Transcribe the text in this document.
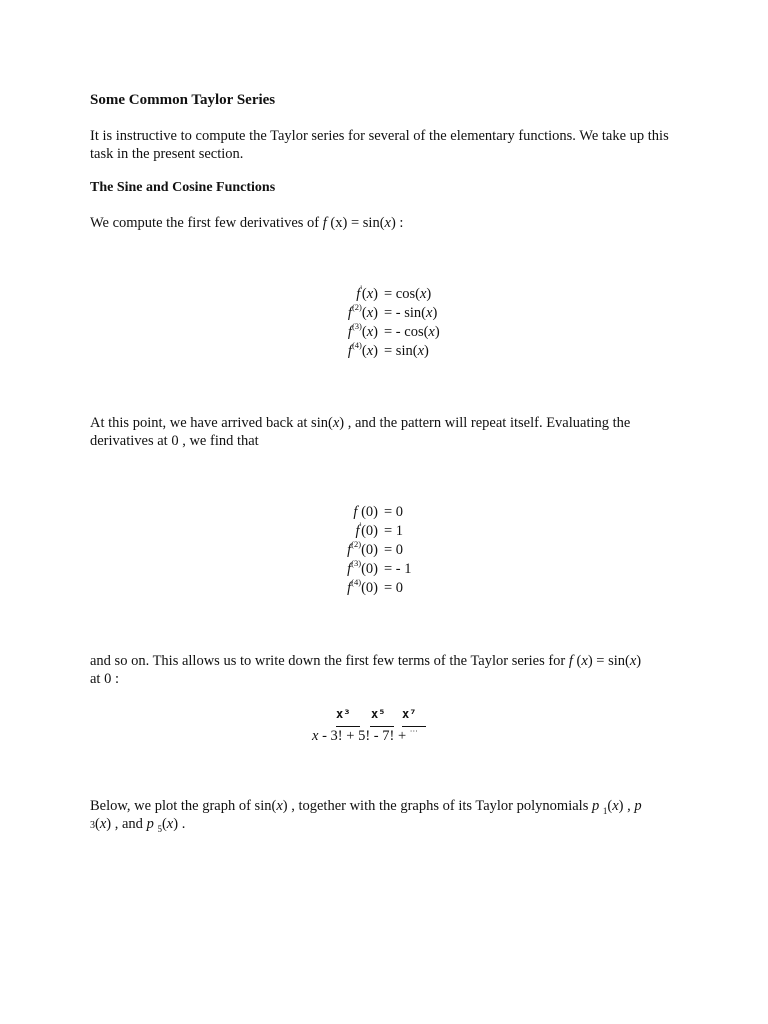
Some Common Taylor Series
It is instructive to compute the Taylor series for several of the elementary functions. We take up this task in the present section.
The Sine and Cosine Functions
We compute the first few derivatives of f (x) = sin(x) :
f'(x) = cos(x)
$f^{(2)}(x)$ = - sin(x)
$f^{(3)}(x)$ = - cos(x)
$f^{(4)}(x) = \sin(x)$
At this point, we have arrived back at sin(x) , and the pattern will repeat itself. Evaluating the
derivatives at 0 , we find that
f (0) = 0
f'(0) = 1
$f^{(2)}(0) = 0$
$f^{(3)}(0)$ = - 1
$f^{(4)}(0) = 0$
and so on. This allows us to write down the first few terms of the Taylor series for f (x) = sin(x)
at 0 :
x³ x⁵ x⁷
x - 3! + 5! - 7! + ···
Below, we plot the graph of sin(x) , together with the graphs of its Taylor polynomials p $_1$(x) , p
3(x) , and p $_5$(x) .
